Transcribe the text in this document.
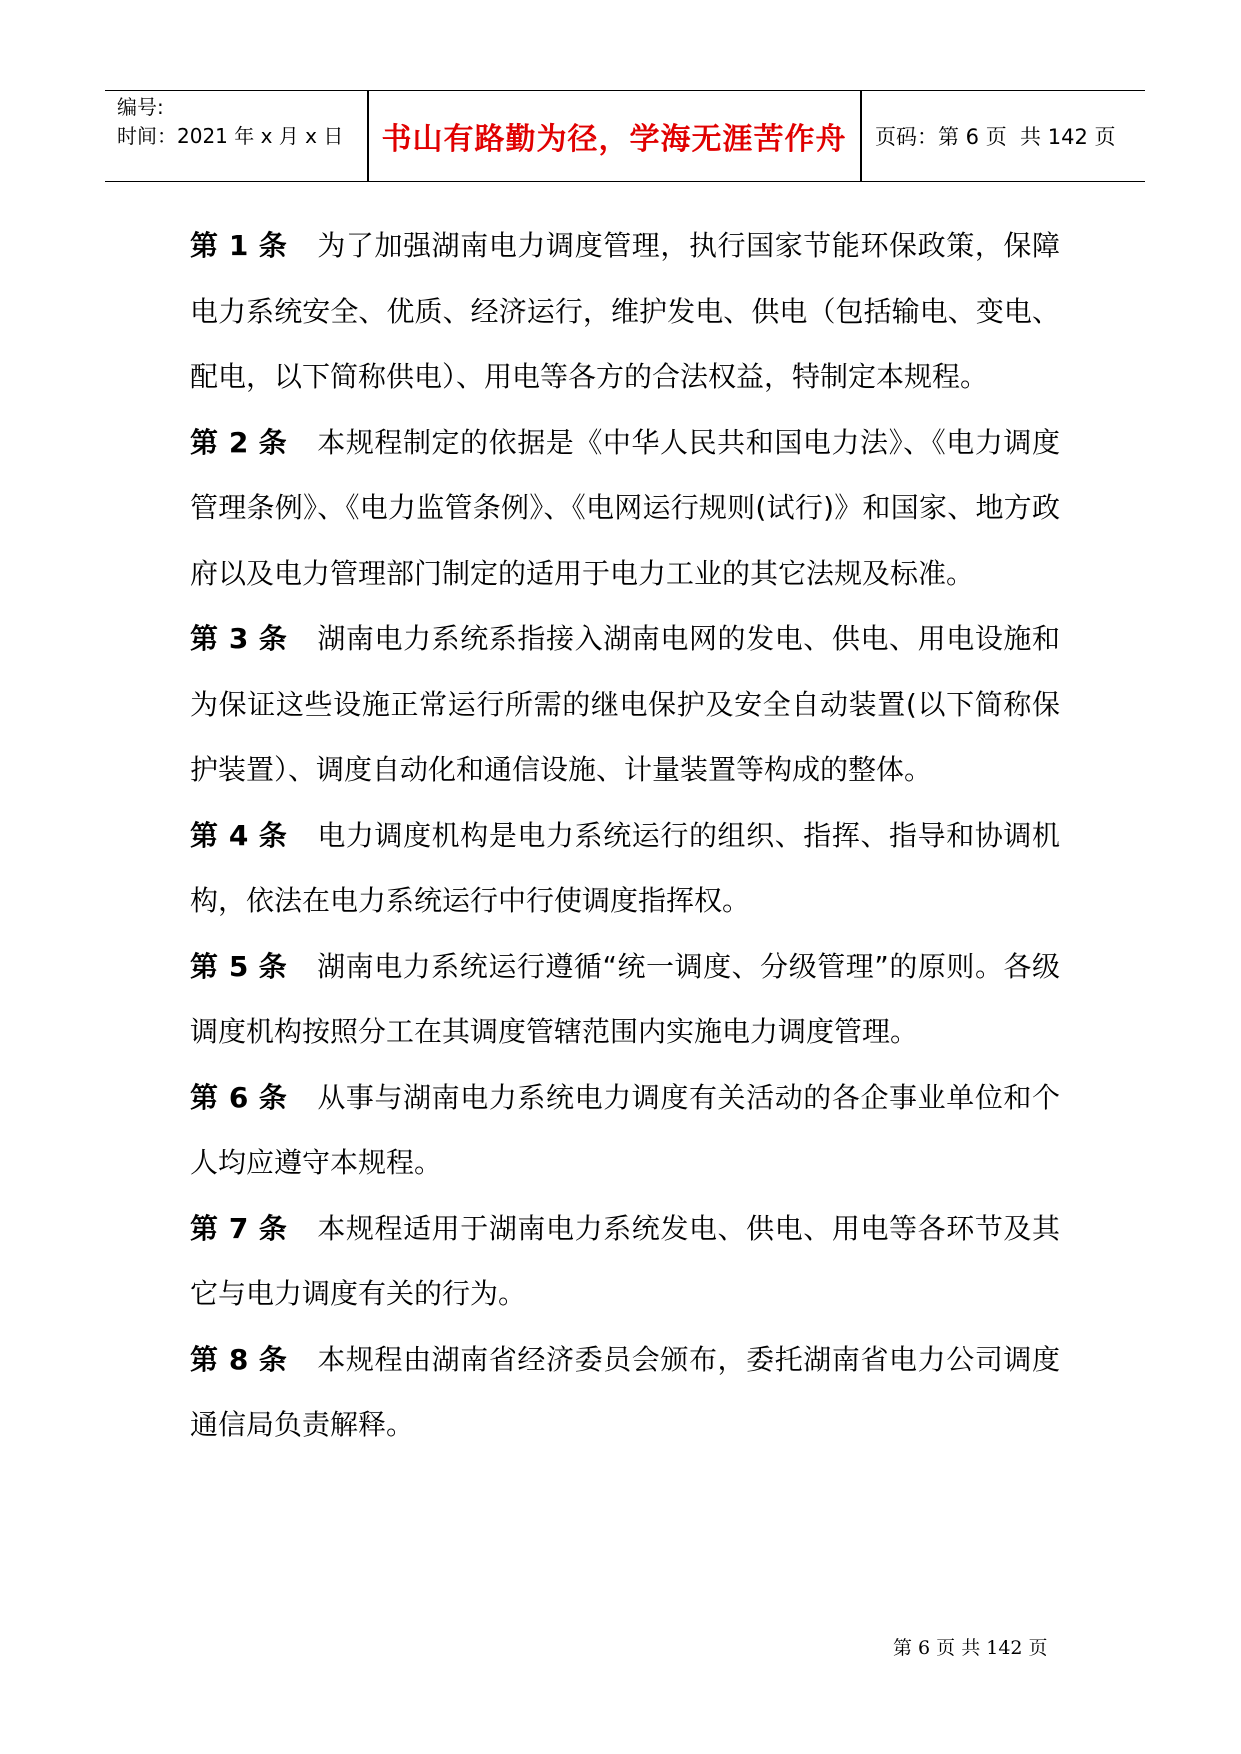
编号:
时间：2021 年 x 月 x 日	书山有路勤为径，学海无涯苦作舟	页码：第 6 页  共 142 页

第 1 条 为了加强湖南电力调度管理，执行国家节能环保政策，保障电力系统安全、优质、经济运行，维护发电、供电（包括输电、变电、配电，以下简称供电）、用电等各方的合法权益，特制定本规程。

第 2 条 本规程制定的依据是《中华人民共和国电力法》、《电力调度管理条例》、《电力监管条例》、《电网运行规则(试行)》和国家、地方政府以及电力管理部门制定的适用于电力工业的其它法规及标准。

第 3 条 湖南电力系统系指接入湖南电网的发电、供电、用电设施和为保证这些设施正常运行所需的继电保护及安全自动装置(以下简称保护装置）、调度自动化和通信设施、计量装置等构成的整体。

第 4 条 电力调度机构是电力系统运行的组织、指挥、指导和协调机构，依法在电力系统运行中行使调度指挥权。

第 5 条 湖南电力系统运行遵循“统一调度、分级管理”的原则。各级调度机构按照分工在其调度管辖范围内实施电力调度管理。

第 6 条 从事与湖南电力系统电力调度有关活动的各企事业单位和个人均应遵守本规程。

第 7 条 本规程适用于湖南电力系统发电、供电、用电等各环节及其它与电力调度有关的行为。

第 8 条 本规程由湖南省经济委员会颁布，委托湖南省电力公司调度通信局负责解释。

第 6 页 共 142 页
